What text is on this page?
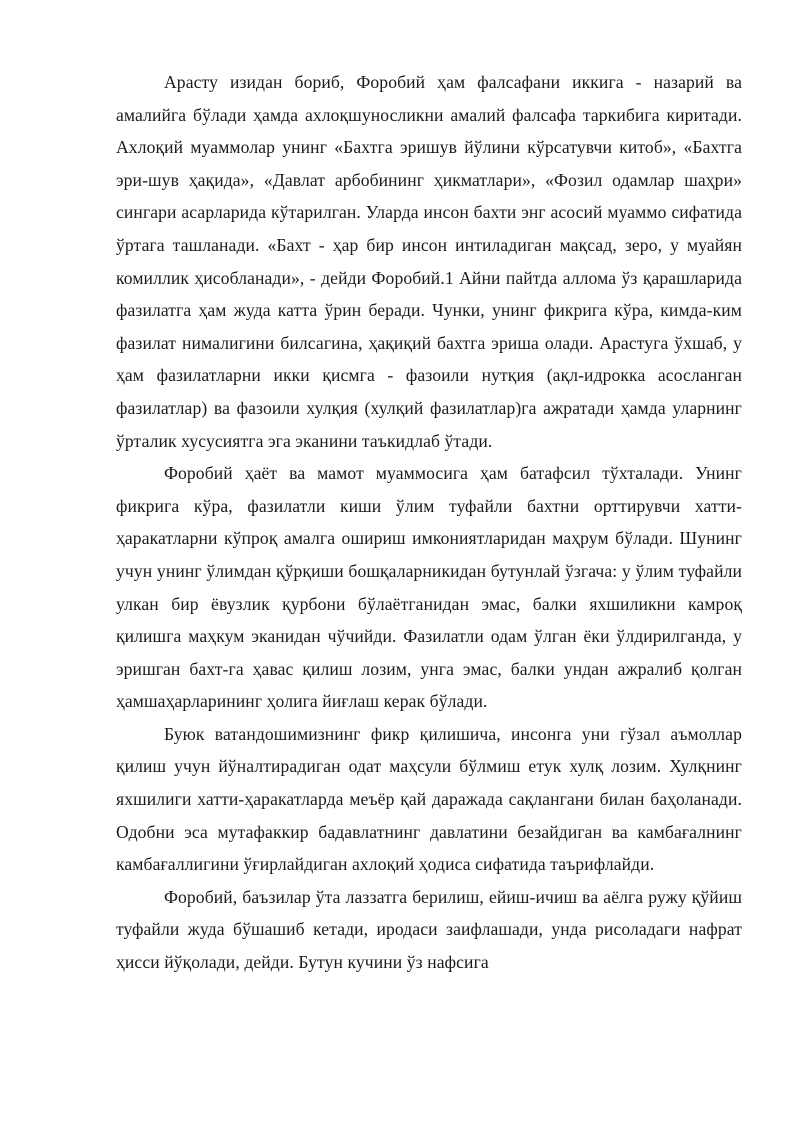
Арасту изидан бориб, Форобий ҳам фалсафани иккига - назарий ва амалийга бўлади ҳамда ахлоқшуносликни амалий фалсафа таркибига киритади. Ахлоқий муаммолар унинг «Бахтга эришув йўлини кўрсатувчи китоб», «Бахтга эри-шув ҳақида», «Давлат арбобининг ҳикматлари», «Фозил одамлар шаҳри» сингари асарларида кўтарилган. Уларда инсон бахти энг асосий муаммо сифатида ўртага ташланади. «Бахт - ҳар бир инсон интиладиган мақсад, зеро, у муайян комиллик ҳисобланади», - дейди Форобий.1 Айни пайтда аллома ўз қарашларида фазилатга ҳам жуда катта ўрин беради. Чунки, унинг фикрига кўра, кимда-ким фазилат нималигини билсагина, ҳақиқий бахтга эриша олади. Арастуга ўхшаб, у ҳам фазилатларни икки қисмга - фазоили нутқия (ақл-идрокка асосланган фазилатлар) ва фазоили хулқия (хулқий фазилатлар)га ажратади ҳамда уларнинг ўрталик хусусиятга эга эканини таъкидлаб ўтади.

Форобий ҳаёт ва мамот муаммосига ҳам батафсил тўхталади. Унинг фикрига кўра, фазилатли киши ўлим туфайли бахтни орттирувчи хатти-ҳаракатларни кўпроқ амалга ошириш имкониятларидан маҳрум бўлади. Шунинг учун унинг ўлимдан қўрқиши бошқаларникидан бутунлай ўзгача: у ўлим туфайли улкан бир ёвузлик қурбони бўлаётганидан эмас, балки яхшиликни камроқ қилишга маҳкум эканидан чўчийди. Фазилатли одам ўлган ёки ўлдирилганда, у эришган бахт-га ҳавас қилиш лозим, унга эмас, балки ундан ажралиб қолган ҳамшаҳарларининг ҳолига йиғлаш керак бўлади.

Буюк ватандошимизнинг фикр қилишича, инсонга уни гўзал аъмоллар қилиш учун йўналтирадиган одат маҳсули бўлмиш етук хулқ лозим. Хулқнинг яхшилиги хатти-ҳаракатларда меъёр қай даражада сақлангани билан баҳоланади. Одобни эса мутафаккир бадавлатнинг давлатини безайдиган ва камбағалнинг камбағаллигини ўғирлайдиган ахлоқий ҳодиса сифатида таърифлайди.

Форобий, баъзилар ўта лаззатга берилиш, ейиш-ичиш ва аёлга ружу қўйиш туфайли жуда бўшашиб кетади, иродаси заифлашади, унда рисоладаги нафрат ҳисси йўқолади, дейди. Бутун кучини ўз нафсига
